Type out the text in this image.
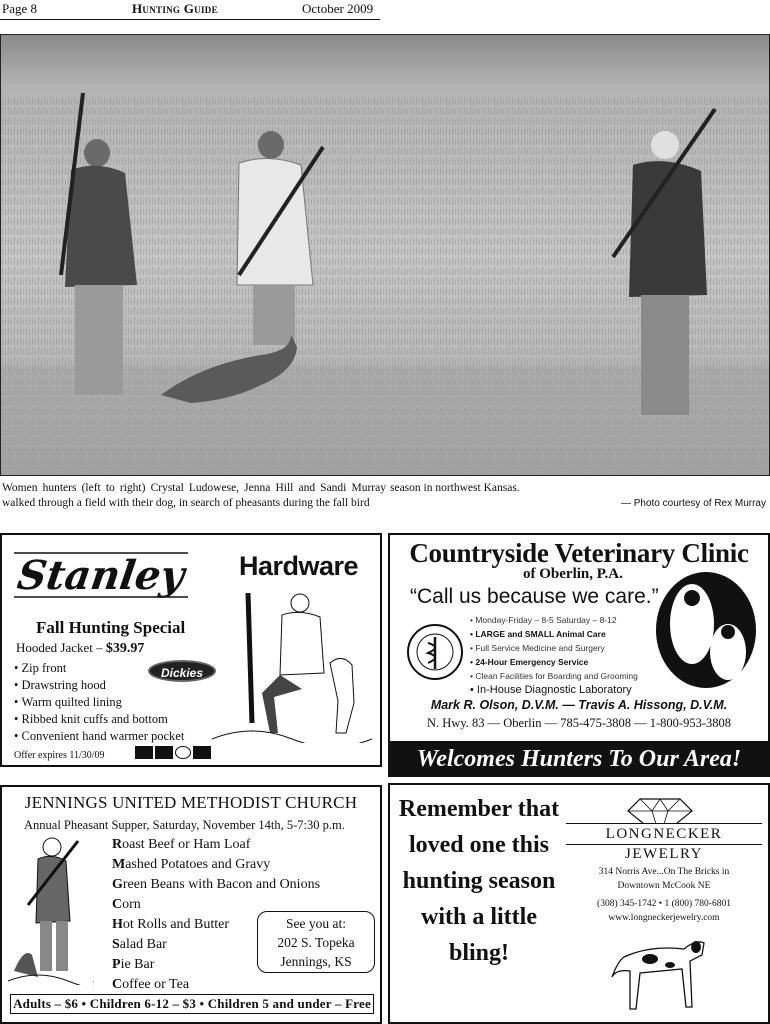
Page 8	Hunting Guide	October 2009
Women hunters (left to right) Crystal Ludowese, Jenna Hill and Sandi Murray walked through a field with their dog, in search of pheasants during the fall bird
season in northwest Kansas.
— Photo courtesy of Rex Murray
Stanley Hardware
Fall Hunting Special
Hooded Jacket – $39.97
Dickies
• Zip front
• Drawstring hood
• Warm quilted lining
• Ribbed knit cuffs and bottom
• Convenient hand warmer pocket
Offer expires 11/30/09
Countryside Veterinary Clinic
of Oberlin, P.A.
“Call us because we care.”
• Monday-Friday – 8-5 Saturday – 8-12
• LARGE and SMALL Animal Care
• Full Service Medicine and Surgery
• 24-Hour Emergency Service
• Clean Facilities for Boarding and Grooming
• In-House Diagnostic Laboratory
Mark R. Olson, D.V.M. — Travis A. Hissong, D.V.M.
N. Hwy. 83 — Oberlin — 785-475-3808 — 1-800-953-3808
Welcomes Hunters To Our Area!
JENNINGS UNITED METHODIST CHURCH
Annual Pheasant Supper, Saturday, November 14th, 5-7:30 p.m.
Roast Beef or Ham Loaf
Mashed Potatoes and Gravy
Green Beans with Bacon and Onions
Corn
Hot Rolls and Butter
Salad Bar
Pie Bar
Coffee or Tea
See you at:
202 S. Topeka
Jennings, KS
Adults – $6 • Children 6-12 – $3 • Children 5 and under – Free
Remember that loved one this hunting season with a little bling!
LONGNECKER JEWELRY
314 Norris Ave...On The Bricks in
Downtown McCook NE
(308) 345-1742 • 1 (800) 780-6801
www.longneckerjewelry.com
